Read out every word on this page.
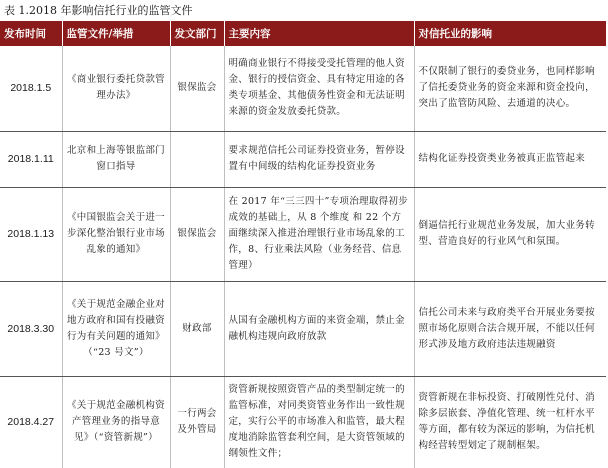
表 1.2018 年影响信托行业的监管文件
发布时间	监管文件/举措	发文部门	主要内容	对信托业的影响
2018.1.5	《商业银行委托贷款管理办法》	银保监会	明确商业银行不得接受受托管理的他人资金、银行的授信资金、具有特定用途的各类专项基金、其他债务性资金和无法证明来源的资金发放委托贷款。	不仅限制了银行的委贷业务，也同样影响了信托委贷业务的资金来源和资金投向，突出了监管防风险、去通道的决心。
2018.1.11	北京和上海等银监部门窗口指导		要求规范信托公司证券投资业务，暂停设置有中间级的结构化证券投资业务	结构化证券投资类业务被真正监管起来
2018.1.13	《中国银监会关于进一步深化整治银行业市场乱象的通知》	银保监会	在 2017 年“三三四十”专项治理取得初步成效的基础上，从 8 个维度 和 22 个方面继续深入推进治理银行业市场乱象的工作，8、行业乘法风险（业务经营、信息管理）	倒逼信托行业规范业务发展，加大业务转型、营造良好的行业风气和氛围。
2018.3.30	《关于规范金融企业对地方政府和国有投融资行为有关问题的通知》（“23 号文”）	财政部	从国有金融机构方面的来资金端，禁止金融机构违规向政府放款	信托公司未来与政府类平台开展业务要按照市场化原则合法合规开展，不能以任何形式涉及地方政府违法违规融资
2018.4.27	《关于规范金融机构资产管理业务的指导意见》（“资管新规”）	一行两会及外管局	资管新规按照资管产品的类型制定统一的监管标准，对同类资管业务作出一致性规定，实行公平的市场准入和监管，最大程度地消除监管套利空间，是大资管领域的纲领性文件；	资管新规在非标投资、打破刚性兑付、消除多层嵌套、净值化管理、统一杠杆水平等方面，都有较为深远的影响，为信托机构经营转型划定了规制框架。
